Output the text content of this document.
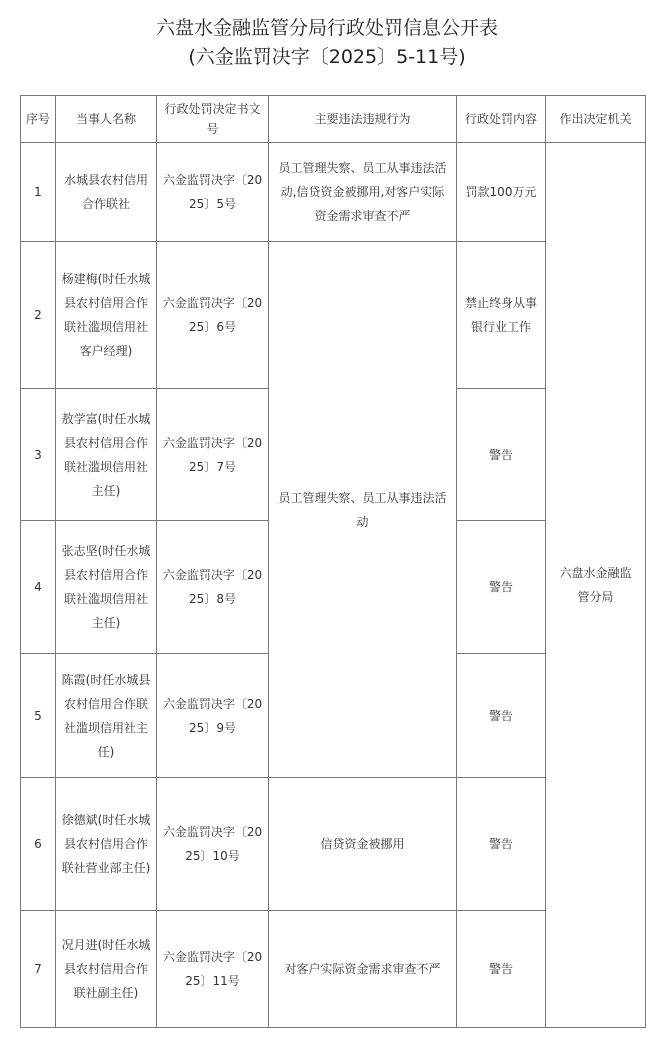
六盘水金融监管分局行政处罚信息公开表
(六金监罚决字〔2025〕5-11号)
序号	当事人名称	行政处罚决定书文号	主要违法违规行为	行政处罚内容	作出决定机关
1	水城县农村信用合作联社	六金监罚决字〔2025〕5号	员工管理失察、员工从事违法活动,信贷资金被挪用,对客户实际资金需求审查不严	罚款100万元	六盘水金融监管分局
2	杨建梅(时任水城县农村信用合作联社滥坝信用社客户经理)	六金监罚决字〔2025〕6号	员工管理失察、员工从事违法活动	禁止终身从事银行业工作	
3	敖学富(时任水城县农村信用合作联社滥坝信用社主任)	六金监罚决字〔2025〕7号		警告	
4	张志坚(时任水城县农村信用合作联社滥坝信用社主任)	六金监罚决字〔2025〕8号		警告	
5	陈霞(时任水城县农村信用合作联社滥坝信用社主任)	六金监罚决字〔2025〕9号		警告	
6	徐德斌(时任水城县农村信用合作联社营业部主任)	六金监罚决字〔2025〕10号	信贷资金被挪用	警告	
7	况月进(时任水城县农村信用合作联社副主任)	六金监罚决字〔2025〕11号	对客户实际资金需求审查不严	警告	
